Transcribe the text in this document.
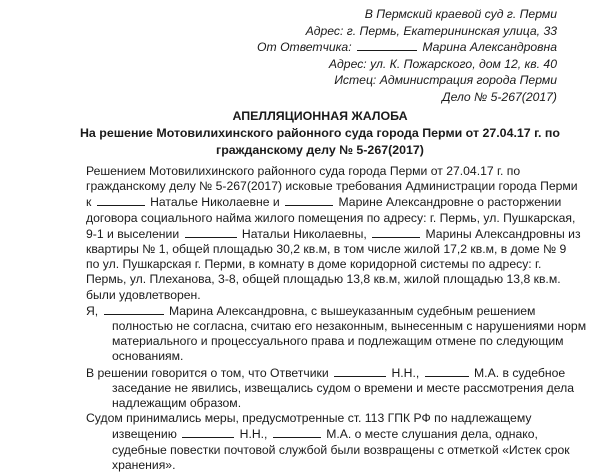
В Пермский краевой суд г. Перми
Адрес: г. Пермь, Екатерининская улица, 33
От Ответчика:	Марина Александровна
Адрес: ул. К. Пожарского, дом 12, кв. 40
Истец: Администрация города Перми
Дело № 5-267(2017)
АПЕЛЛЯЦИОННАЯ ЖАЛОБА
На решение Мотовилихинского районного суда города Перми от 27.04.17 г. по
гражданскому делу № 5-267(2017)
Решением Мотовилихинского районного суда города Перми от 27.04.17 г. по
гражданскому делу № 5-267(2017) исковые требования Администрации города Перми
к	Наталье Николаевне и	Марине Александровне о расторжении
договора социального найма жилого помещения по адресу: г. Пермь, ул. Пушкарская,
9-1 и выселении	Натальи Николаевны,	Марины Александровны из
квартиры № 1, общей площадью 30,2 кв.м, в том числе жилой 17,2 кв.м, в доме № 9
по ул. Пушкарская г. Перми, в комнату в доме коридорной системы по адресу: г.
Пермь, ул. Плеханова, 3-8, общей площадью 13,8 кв.м, жилой площадью 13,8 кв.м.
были удовлетворен.
Я,	Марина Александровна, с вышеуказанным судебным решением
полностью не согласна, считаю его незаконным, вынесенным с нарушениями норм
материального и процессуального права и подлежащим отмене по следующим
основаниям.
В решении говорится о том, что Ответчики	Н.Н.,	М.А. в судебное
заседание не явились, извещались судом о времени и месте рассмотрения дела
надлежащим образом.
Судом принимались меры, предусмотренные ст. 113 ГПК РФ по надлежащему
извещению	Н.Н.,	М.А. о месте слушания дела, однако,
судебные повестки почтовой службой были возвращены с отметкой «Истек срок
хранения».
